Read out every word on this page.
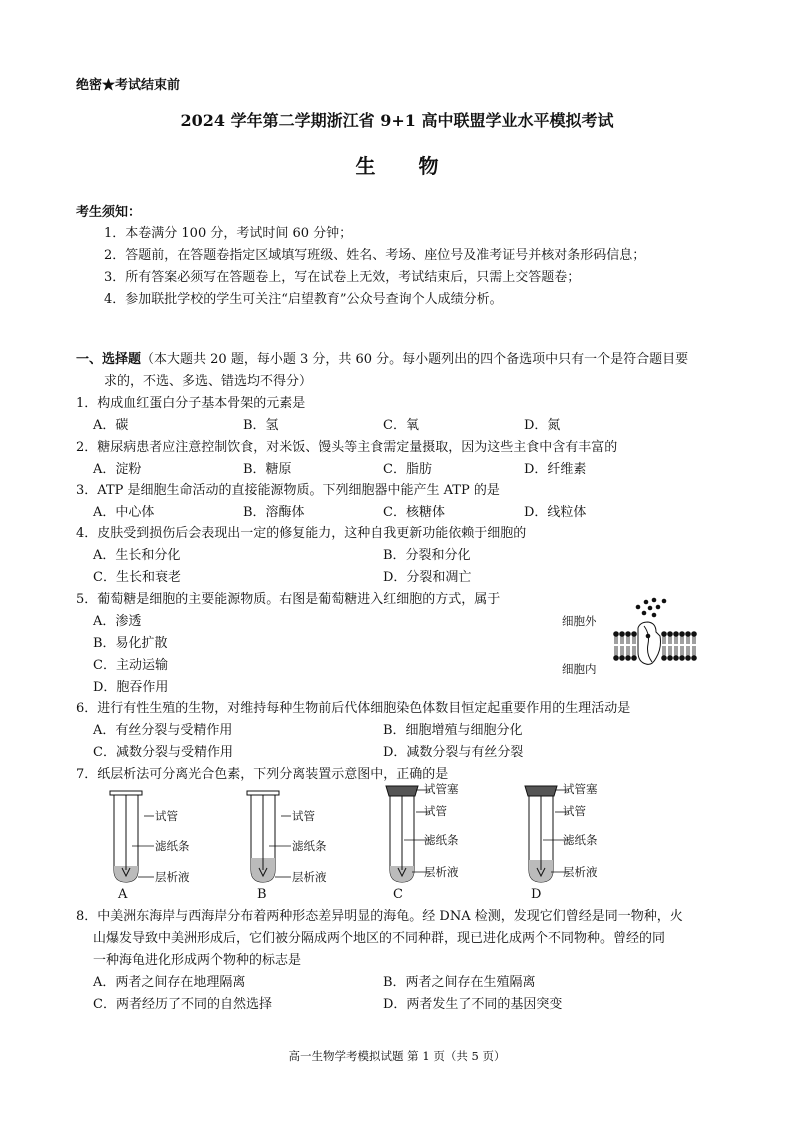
绝密★考试结束前
2024 学年第二学期浙江省 9+1 高中联盟学业水平模拟考试
生 物
考生须知：
1．本卷满分 100 分，考试时间 60 分钟；
2．答题前，在答题卷指定区域填写班级、姓名、考场、座位号及准考证号并核对条形码信息；
3．所有答案必须写在答题卷上，写在试卷上无效，考试结束后，只需上交答题卷；
4．参加联批学校的学生可关注“启望教育”公众号查询个人成绩分析。
一、选择题（本大题共 20 题，每小题 3 分，共 60 分。每小题列出的四个备选项中只有一个是符合题目要
求的，不选、多选、错选均不得分）
1．构成血红蛋白分子基本骨架的元素是
A．碳	B．氢	C．氧	D．氮
2．糖尿病患者应注意控制饮食，对米饭、馒头等主食需定量摄取，因为这些主食中含有丰富的
A．淀粉	B．糖原	C．脂肪	D．纤维素
3．ATP 是细胞生命活动的直接能源物质。下列细胞器中能产生 ATP 的是
A．中心体	B．溶酶体	C．核糖体	D．线粒体
4．皮肤受到损伤后会表现出一定的修复能力，这种自我更新功能依赖于细胞的
A．生长和分化	B．分裂和分化
C．生长和衰老	D．分裂和凋亡
5．葡萄糖是细胞的主要能源物质。右图是葡萄糖进入红细胞的方式，属于
A．渗透
B．易化扩散
C．主动运输
D．胞吞作用
细胞外
细胞内
6．进行有性生殖的生物，对维持每种生物前后代体细胞染色体数目恒定起重要作用的生理活动是
A．有丝分裂与受精作用	B．细胞增殖与细胞分化
C．减数分裂与受精作用	D．减数分裂与有丝分裂
7．纸层析法可分离光合色素，下列分离装置示意图中，正确的是
试管
滤纸条
层析液
A
试管
滤纸条
层析液
B
试管塞
试管
滤纸条
层析液
C
试管塞
试管
滤纸条
层析液
D
8．中美洲东海岸与西海岸分布着两种形态差异明显的海龟。经 DNA 检测，发现它们曾经是同一物种，火
山爆发导致中美洲形成后，它们被分隔成两个地区的不同种群，现已进化成两个不同物种。曾经的同
一种海龟进化形成两个物种的标志是
A．两者之间存在地理隔离	B．两者之间存在生殖隔离
C．两者经历了不同的自然选择	D．两者发生了不同的基因突变
高一生物学考模拟试题 第 1 页（共 5 页）
